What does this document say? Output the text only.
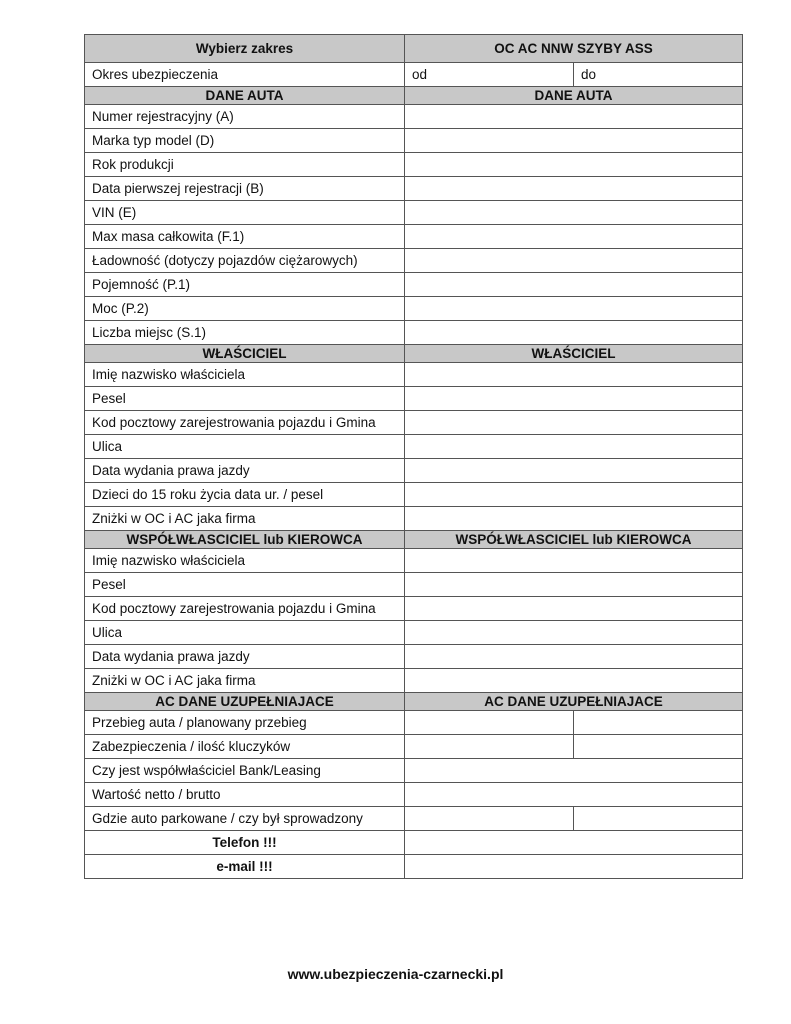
Wybierz zakres	OC AC NNW SZYBY ASS
Okres ubezpieczenia	od do

DANE AUTA	DANE AUTA
Numer rejestracyjny (A)	
Marka typ model (D)	
Rok produkcji	
Data pierwszej rejestracji (B)	
VIN (E)	
Max masa całkowita (F.1)	
Ładowność (dotyczy pojazdów ciężarowych)	
Pojemność (P.1)	
Moc (P.2)	
Liczba miejsc (S.1)	
WŁAŚCICIEL	WŁAŚCICIEL
Imię nazwisko właściciela	
Pesel	
Kod pocztowy zarejestrowania pojazdu i Gmina	
Ulica	
Data wydania prawa jazdy	
Dzieci do 15 roku życia data ur. / pesel	
Zniżki w OC i AC jaka firma	
WSPÓŁWŁASCICIEL lub KIEROWCA	WSPÓŁWŁASCICIEL lub KIEROWCA
Imię nazwisko właściciela	
Pesel	
Kod pocztowy zarejestrowania pojazdu i Gmina	
Ulica	
Data wydania prawa jazdy	
Zniżki w OC i AC jaka firma	
AC DANE UZUPEŁNIAJACE	AC DANE UZUPEŁNIAJACE
Przebieg auta / planowany przebieg	

Zabezpieczenia / ilość kluczyków	

Czy jest współwłaściciel Bank/Leasing	
Wartość netto / brutto	
Gdzie auto parkowane / czy był sprowadzony	

Telefon !!!	
e-mail !!!	
www.ubezpieczenia-czarnecki.pl
